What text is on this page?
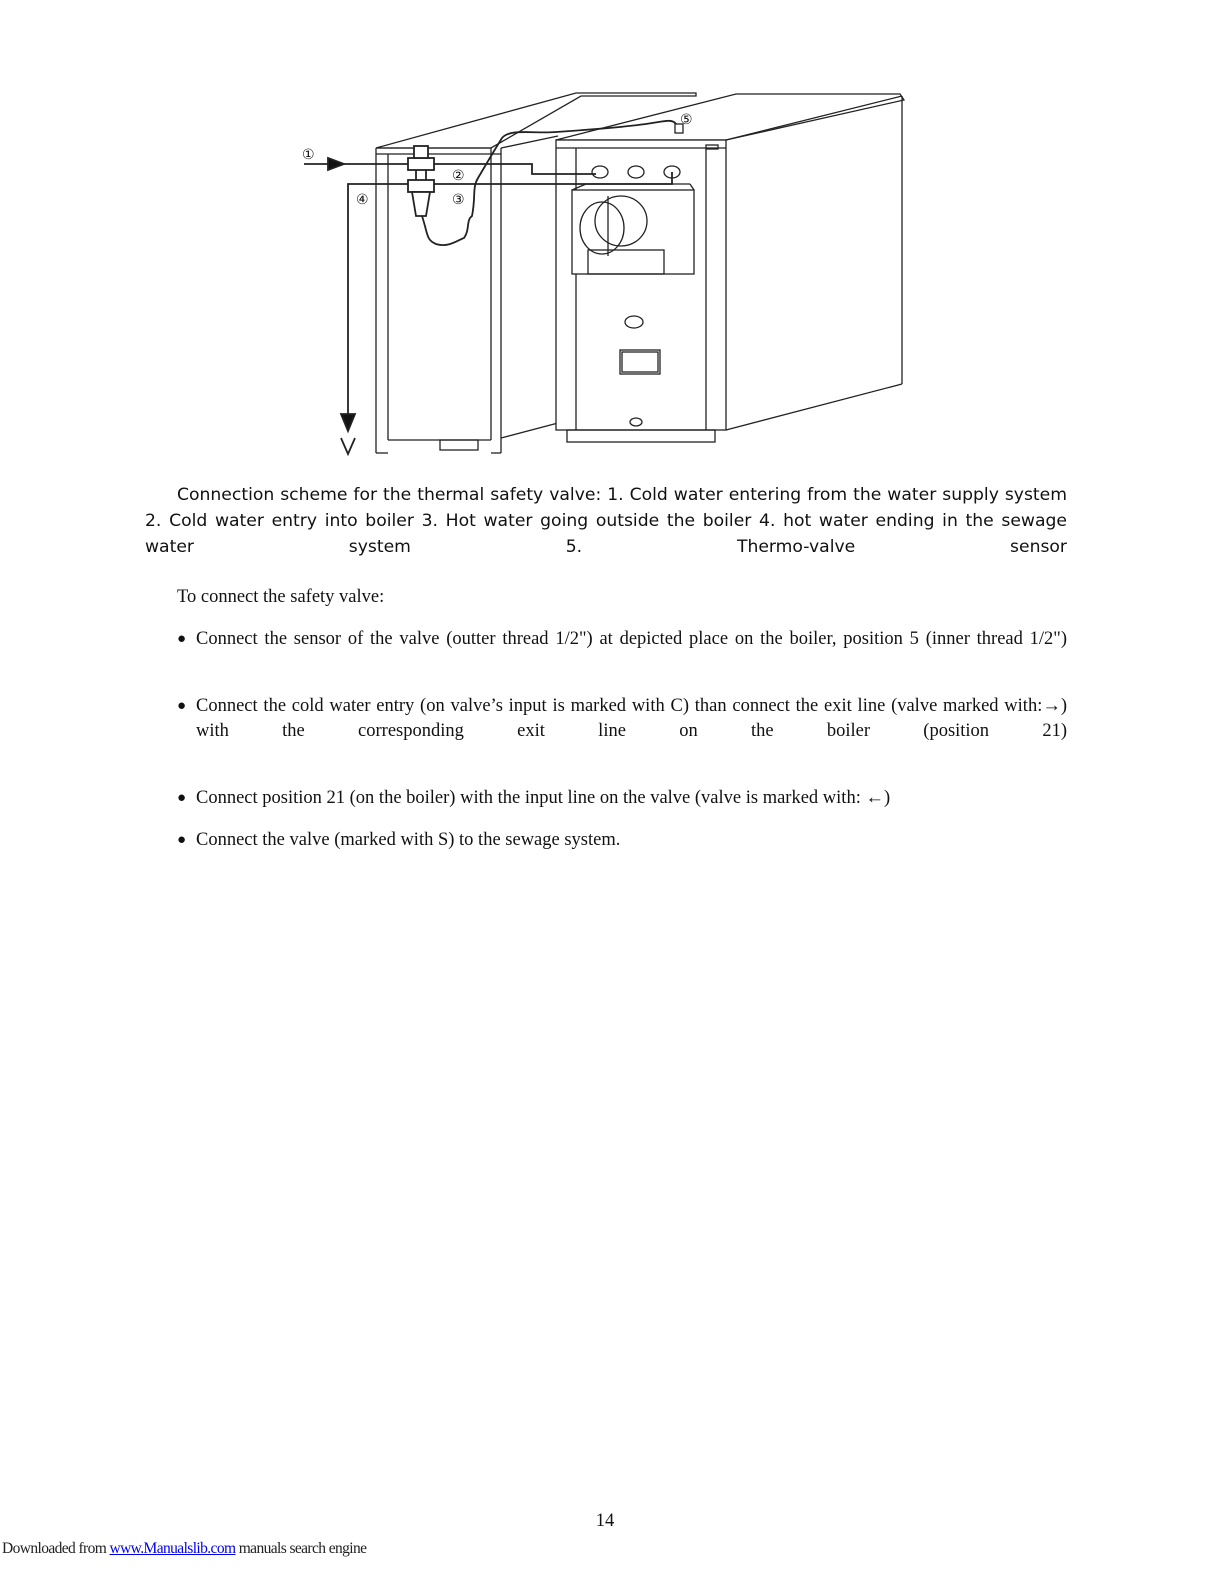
①
②
③
④
⑤

Connection scheme for the thermal safety valve: 1. Cold water entering from the water supply system 2. Cold water entry into boiler 3. Hot water going outside the boiler 4. hot water ending in the sewage water system 5. Thermo-valve sensor

To connect the safety valve:

● Connect the sensor of the valve (outter thread 1/2") at depicted place on the boiler, position 5 (inner thread 1/2")
● Connect the cold water entry (on valve’s input is marked with C) than connect the exit line (valve marked with:→) with the corresponding exit line on the boiler (position 21)
● Connect position 21 (on the boiler) with the input line on the valve (valve is marked with: ←)
● Connect the valve (marked with S) to the sewage system.

14

Downloaded from www.Manualslib.com manuals search engine
